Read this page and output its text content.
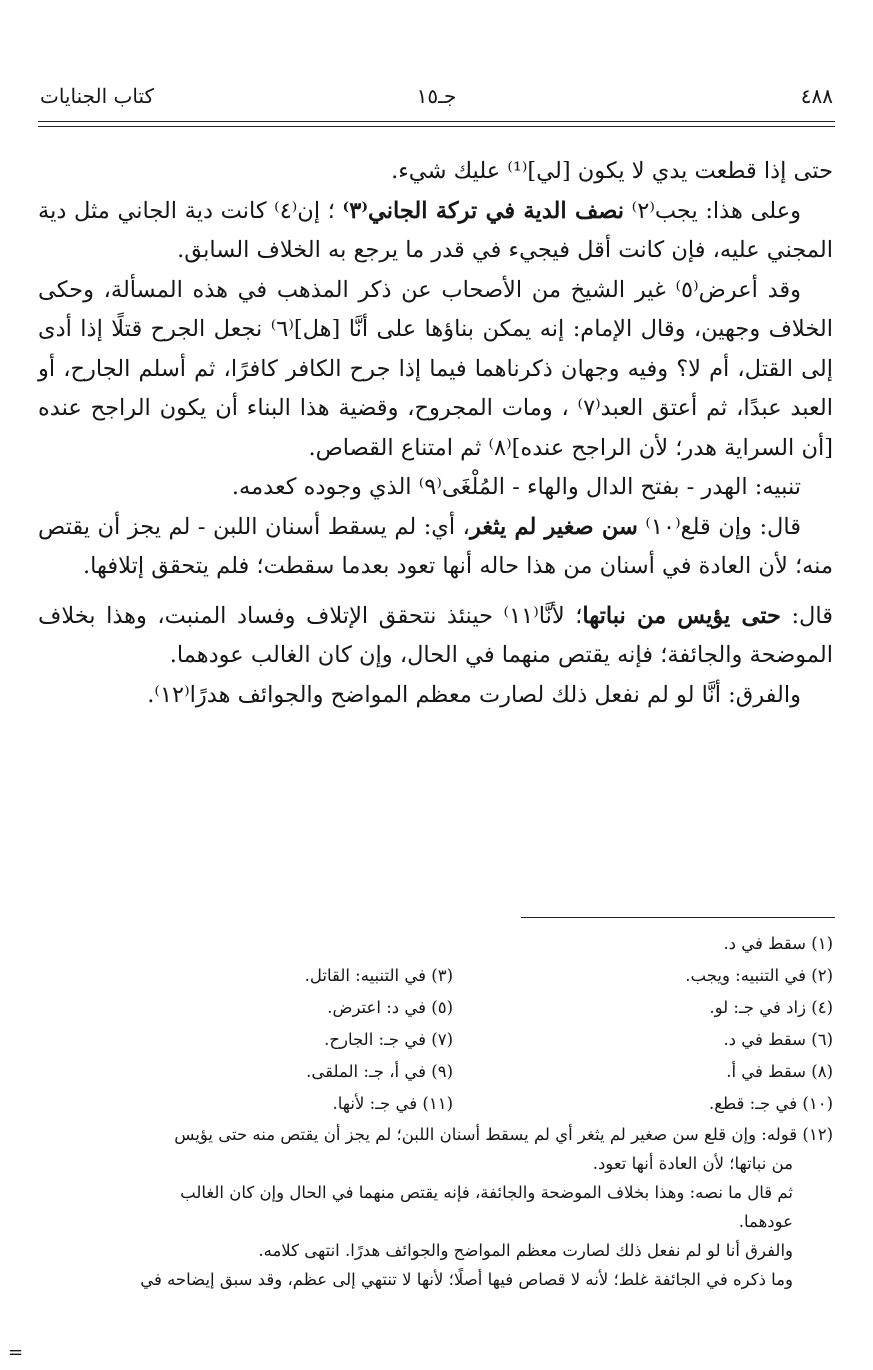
٤٨٨
جـ١٥
كتاب الجنايات

حتى إذا قطعت يدي لا يكون [لي]⁽¹⁾ عليك شيء.

وعلى هذا: يجب⁽٢⁾ نصف الدية في تركة الجاني⁽٣⁾ ؛ إن⁽٤⁾ كانت دية الجاني مثل دية المجني عليه، فإن كانت أقل فيجيء في قدر ما يرجع به الخلاف السابق.

وقد أعرض⁽٥⁾ غير الشيخ من الأصحاب عن ذكر المذهب في هذه المسألة، وحكى الخلاف وجهين، وقال الإمام: إنه يمكن بناؤها على أنَّا [هل]⁽٦⁾ نجعل الجرح قتلًا إذا أدى إلى القتل، أم لا؟ وفيه وجهان ذكرناهما فيما إذا جرح الكافر كافرًا، ثم أسلم الجارح، أو العبد عبدًا، ثم أعتق العبد⁽٧⁾ ، ومات المجروح، وقضية هذا البناء أن يكون الراجح عنده [أن السراية هدر؛ لأن الراجح عنده]⁽٨⁾ ثم امتناع القصاص.

تنبيه: الهدر - بفتح الدال والهاء - المُلْغَى⁽٩⁾ الذي وجوده كعدمه.

قال: وإن قلع⁽١٠⁾ سن صغير لم يثغر، أي: لم يسقط أسنان اللبن - لم يجز أن يقتص منه؛ لأن العادة في أسنان من هذا حاله أنها تعود بعدما سقطت؛ فلم يتحقق إتلافها.

قال: حتى يؤيس من نباتها؛ لأنَّا⁽١١⁾ حينئذ نتحقق الإتلاف وفساد المنبت، وهذا بخلاف الموضحة والجائفة؛ فإنه يقتص منهما في الحال، وإن كان الغالب عودهما.

والفرق: أنَّا لو لم نفعل ذلك لصارت معظم المواضح والجوائف هدرًا⁽١٢⁾.

(١) سقط في د.
(٢) في التنبيه: ويجب.
(٣) في التنبيه: القاتل.
(٤) زاد في جـ: لو.
(٥) في د: اعترض.
(٦) سقط في د.
(٧) في جـ: الجارح.
(٨) سقط في أ.
(٩) في أ، جـ: الملقى.
(١٠) في جـ: قطع.
(١١) في جـ: لأنها.
(١٢) قوله: وإن قلع سن صغير لم يثغر أي لم يسقط أسنان اللبن؛ لم يجز أن يقتص منه حتى يؤيس
من نباتها؛ لأن العادة أنها تعود.
ثم قال ما نصه: وهذا بخلاف الموضحة والجائفة، فإنه يقتص منهما في الحال وإن كان الغالب
عودهما.
والفرق أنا لو لم نفعل ذلك لصارت معظم المواضح والجوائف هدرًا. انتهى كلامه.
وما ذكره في الجائفة غلط؛ لأنه لا قصاص فيها أصلًا؛ لأنها لا تنتهي إلى عظم، وقد سبق إيضاحه في
=
